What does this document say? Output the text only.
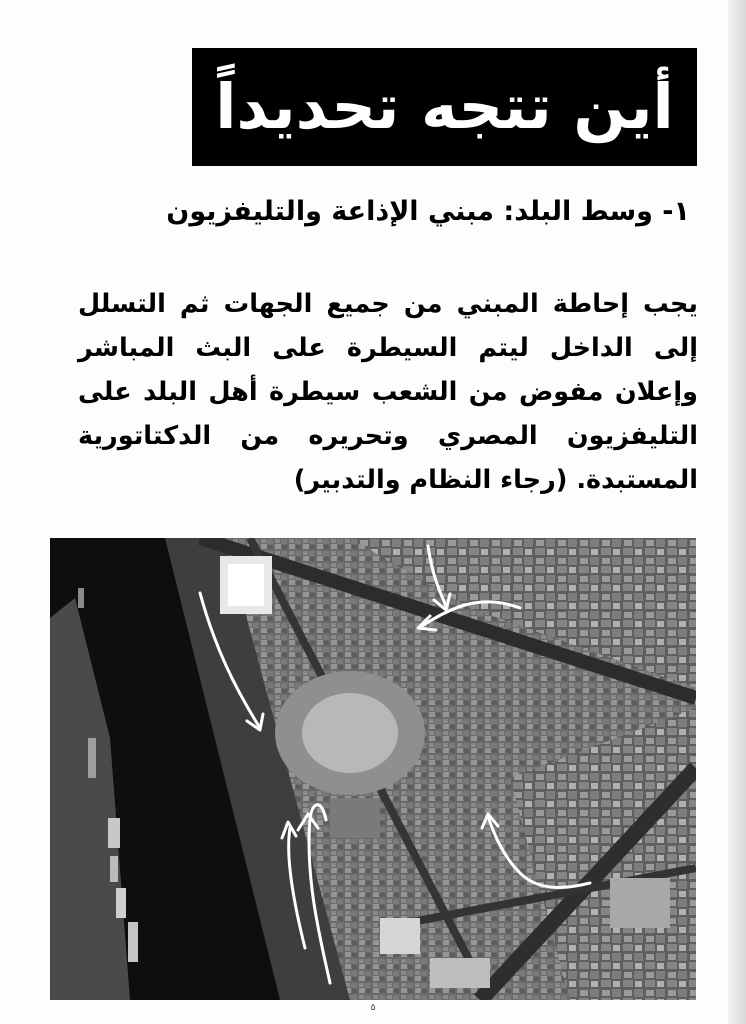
أين تتجه تحديداً
١- وسط البلد: مبني الإذاعة والتليفزيون
يجب إحاطة المبني من جميع الجهات ثم التسلل إلى الداخل ليتم السيطرة على البث المباشر وإعلان مفوض من الشعب سيطرة أهل البلد على التليفزيون المصري وتحريره من الدكتاتورية المستبدة. (رجاء النظام والتدبير)
٥
